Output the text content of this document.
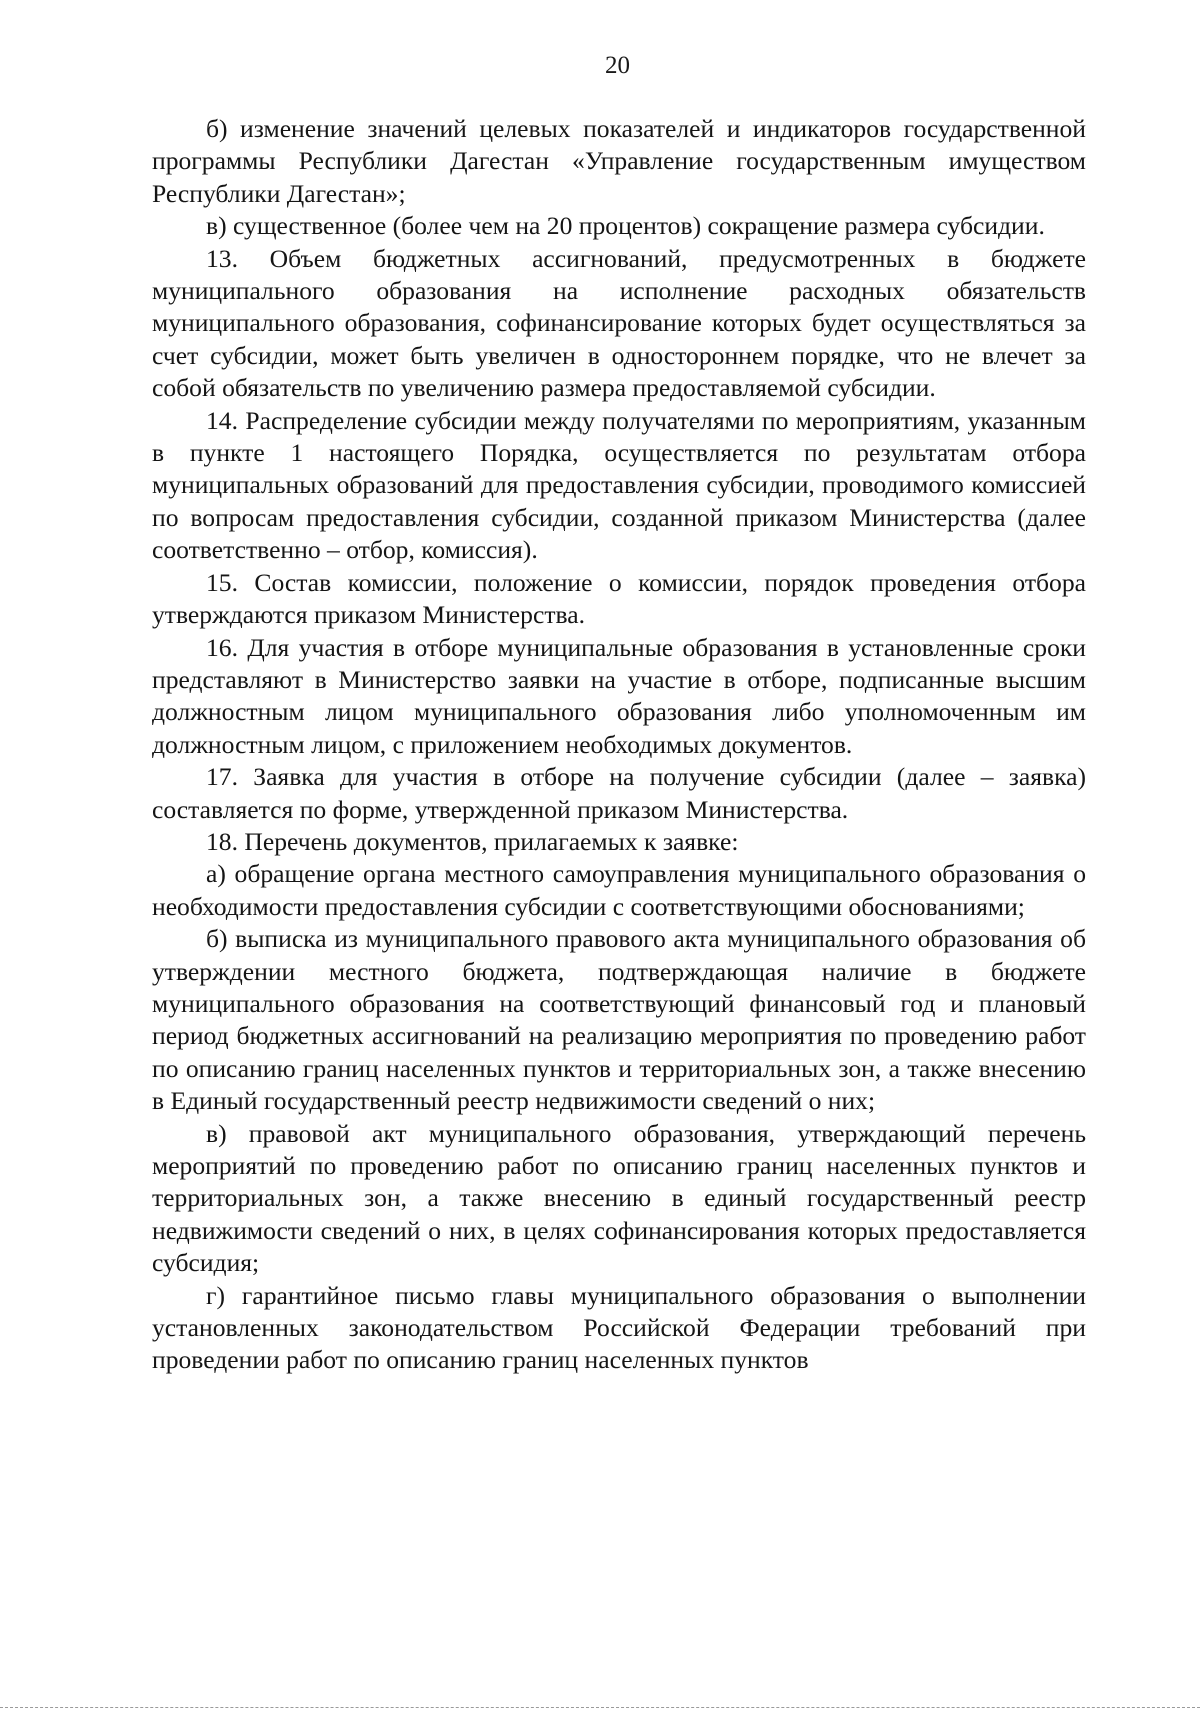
20

б) изменение значений целевых показателей и индикаторов государственной программы Республики Дагестан «Управление государственным имуществом Республики Дагестан»;

в) существенное (более чем на 20 процентов) сокращение размера субсидии.

13. Объем бюджетных ассигнований, предусмотренных в бюджете муниципального образования на исполнение расходных обязательств муниципального образования, софинансирование которых будет осуществляться за счет субсидии, может быть увеличен в одностороннем порядке, что не влечет за собой обязательств по увеличению размера предоставляемой субсидии.

14. Распределение субсидии между получателями по мероприятиям, указанным в пункте 1 настоящего Порядка, осуществляется по результатам отбора муниципальных образований для предоставления субсидии, проводимого комиссией по вопросам предоставления субсидии, созданной приказом Министерства (далее соответственно – отбор, комиссия).

15. Состав комиссии, положение о комиссии, порядок проведения отбора утверждаются приказом Министерства.

16. Для участия в отборе муниципальные образования в установленные сроки представляют в Министерство заявки на участие в отборе, подписанные высшим должностным лицом муниципального образования либо уполномоченным им должностным лицом, с приложением необходимых документов.

17. Заявка для участия в отборе на получение субсидии (далее – заявка) составляется по форме, утвержденной приказом Министерства.

18. Перечень документов, прилагаемых к заявке:

а) обращение органа местного самоуправления муниципального образования о необходимости предоставления субсидии с соответствующими обоснованиями;

б) выписка из муниципального правового акта муниципального образования об утверждении местного бюджета, подтверждающая наличие в бюджете муниципального образования на соответствующий финансовый год и плановый период бюджетных ассигнований на реализацию мероприятия по проведению работ по описанию границ населенных пунктов и территориальных зон, а также внесению в Единый государственный реестр недвижимости сведений о них;

в) правовой акт муниципального образования, утверждающий перечень мероприятий по проведению работ по описанию границ населенных пунктов и территориальных зон, а также внесению в единый государственный реестр недвижимости сведений о них, в целях софинансирования которых предоставляется субсидия;

г) гарантийное письмо главы муниципального образования о выполнении установленных законодательством Российской Федерации требований при проведении работ по описанию границ населенных пунктов
